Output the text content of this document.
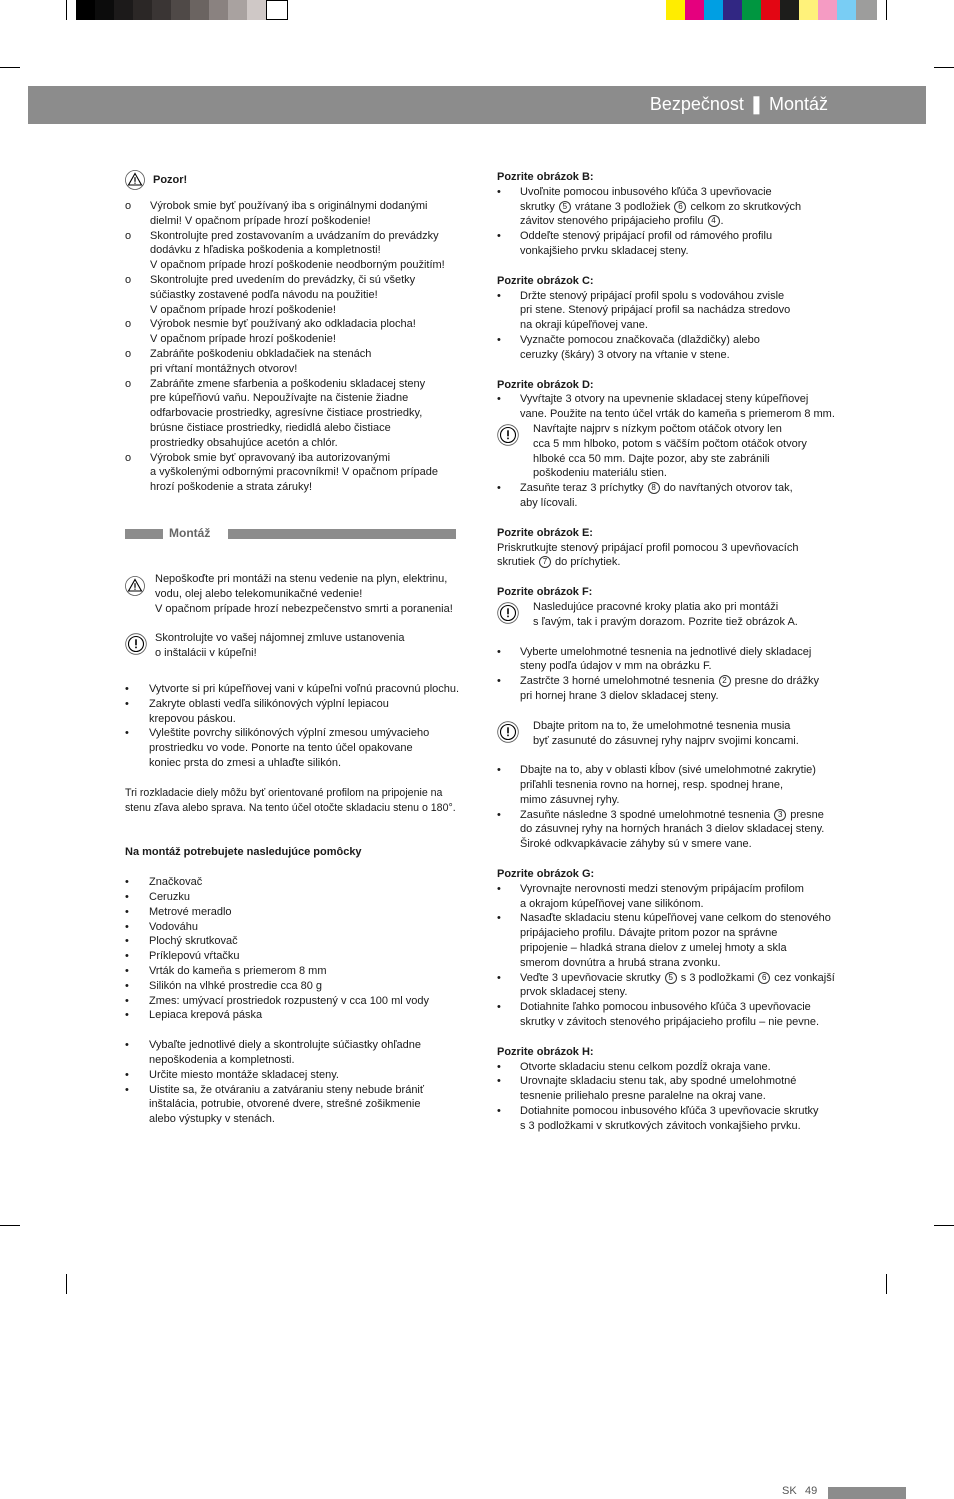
Bezpečnost ❚ Montáž
Pozor!
o	Výrobok smie byť používaný iba s originálnymi dodanými
dielmi! V opačnom prípade hrozí poškodenie!
o	Skontrolujte pred zostavovaním a uvádzaním do prevádzky
dodávku z hľadiska poškodenia a kompletnosti!
V opačnom prípade hrozí poškodenie neodborným použitím!
o	Skontrolujte pred uvedením do prevádzky, či sú všetky
súčiastky zostavené podľa návodu na použitie!
V opačnom prípade hrozí poškodenie!
o	Výrobok nesmie byť používaný ako odkladacia plocha!
V opačnom prípade hrozí poškodenie!
o	Zabráňte poškodeniu obkladačiek na stenách
pri vŕtaní montážnych otvorov!
o	Zabráňte zmene sfarbenia a poškodeniu skladacej steny
pre kúpeľňovú vaňu. Nepoužívajte na čistenie žiadne
odfarbovacie prostriedky, agresívne čistiace prostriedky,
brúsne čistiace prostriedky, riedidlá alebo čistiace
prostriedky obsahujúce acetón a chlór.
o	Výrobok smie byť opravovaný iba autorizovanými
a vyškolenými odbornými pracovníkmi! V opačnom prípade
hrozí poškodenie a strata záruky!
Montáž
Nepoškoďte pri montáži na stenu vedenie na plyn, elektrinu,
vodu, olej alebo telekomunikačné vedenie!
V opačnom prípade hrozí nebezpečenstvo smrti a poranenia!
Skontrolujte vo vašej nájomnej zmluve ustanovenia
o inštalácii v kúpeľni!
•	Vytvorte si pri kúpeľňovej vani v kúpeľni voľnú pracovnú plochu.
•	Zakryte oblasti vedľa silikónových výplní lepiacou
krepovou páskou.
•	Vyleštite povrchy silikónových výplní zmesou umývacieho
prostriedku vo vode. Ponorte na tento účel opakovane
koniec prsta do zmesi a uhlaďte silikón.

Tri rozkladacie diely môžu byť orientované profilom na pripojenie na
stenu zľava alebo sprava. Na tento účel otočte skladaciu stenu o 180°.

Na montáž potrebujete nasledujúce pomôcky

•	Značkovač
•	Ceruzku
•	Metrové meradlo
•	Vodováhu
•	Plochý skrutkovač
•	Príklepovú vŕtačku
•	Vrták do kameňa s priemerom 8 mm
•	Silikón na vlhké prostredie cca 80 g
•	Zmes: umývací prostriedok rozpustený v cca 100 ml vody
•	Lepiaca krepová páska
•	Vybaľte jednotlivé diely a skontrolujte súčiastky ohľadne
nepoškodenia a kompletnosti.
•	Určite miesto montáže skladacej steny.
•	Uistite sa, že otváraniu a zatváraniu steny nebude brániť
inštalácia, potrubie, otvorené dvere, strešné zošikmenie
alebo výstupky v stenách.

Pozrite obrázok B:

•	Uvoľnite pomocou inbusového kľúča 3 upevňovacie
skrutky 5 vrátane 3 podložiek 6 celkom zo skrutkových
závitov stenového pripájacieho profilu 4 .
•	Oddeľte stenový pripájací profil od rámového profilu
vonkajšieho prvku skladacej steny.

Pozrite obrázok C:

•	Držte stenový pripájací profil spolu s vodováhou zvisle
pri stene. Stenový pripájací profil sa nachádza stredovo
na okraji kúpeľňovej vane.
•	Vyznačte pomocou značkovača (dlaždičky) alebo
ceruzky (škáry) 3 otvory na vŕtanie v stene.

Pozrite obrázok D:

•	Vyvŕtajte 3 otvory na upevnenie skladacej steny kúpeľňovej
vane. Použite na tento účel vrták do kameňa s priemerom 8 mm.
Navŕtajte najprv s nízkym počtom otáčok otvory len
cca 5 mm hlboko, potom s väčším počtom otáčok otvory
hlboké cca 50 mm. Dajte pozor, aby ste zabránili
poškodeniu materiálu stien.
•	Zasuňte teraz 3 príchytky 8 do navŕtaných otvorov tak,
aby lícovali.

Pozrite obrázok E:

Priskrutkujte stenový pripájací profil pomocou 3 upevňovacích
skrutiek 7 do príchytiek.

Pozrite obrázok F:

Nasledujúce pracovné kroky platia ako pri montáži
s ľavým, tak i pravým dorazom. Pozrite tiež obrázok A.
•	Vyberte umelohmotné tesnenia na jednotlivé diely skladacej
steny podľa údajov v mm na obrázku F.
•	Zastrčte 3 horné umelohmotné tesnenia 2 presne do drážky
pri hornej hrane 3 dielov skladacej steny.
Dbajte pritom na to, že umelohmotné tesnenia musia
byť zasunuté do zásuvnej ryhy najprv svojimi koncami.
•	Dbajte na to, aby v oblasti kĺbov (sivé umelohmotné zakrytie)
priľahli tesnenia rovno na hornej, resp. spodnej hrane,
mimo zásuvnej ryhy.
•	Zasuňte následne 3 spodné umelohmotné tesnenia 3 presne
do zásuvnej ryhy na horných hranách 3 dielov skladacej steny.
Široké odkvapkávacie záhyby sú v smere vane.

Pozrite obrázok G:

•	Vyrovnajte nerovnosti medzi stenovým pripájacím profilom
a okrajom kúpeľňovej vane silikónom.
•	Nasaďte skladaciu stenu kúpeľňovej vane celkom do stenového
pripájacieho profilu. Dávajte pritom pozor na správne
pripojenie – hladká strana dielov z umelej hmoty a skla
smerom dovnútra a hrubá strana zvonku.
•	Veďte 3 upevňovacie skrutky 5 s 3 podložkami 6 cez vonkajší
prvok skladacej steny.
•	Dotiahnite ľahko pomocou inbusového kľúča 3 upevňovacie
skrutky v závitoch stenového pripájacieho profilu – nie pevne.

Pozrite obrázok H:

•	Otvorte skladaciu stenu celkom pozdĺž okraja vane.
•	Urovnajte skladaciu stenu tak, aby spodné umelohmotné
tesnenie priliehalo presne paralelne na okraj vane.
•	Dotiahnite pomocou inbusového kľúča 3 upevňovacie skrutky
s 3 podložkami v skrutkových závitoch vonkajšieho prvku.
SK 49
